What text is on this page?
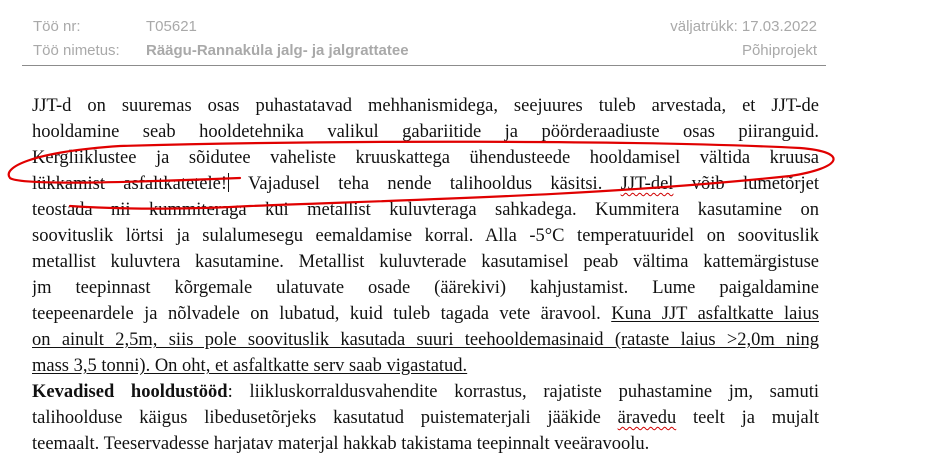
Töö nr:	T05621	väljatrükk: 17.03.2022
Töö nimetus: Räägu-Rannaküla jalg- ja jalgrattatee	Põhiprojekt
JJT-d on suuremas osas puhastatavad mehhanismidega, seejuures tuleb arvestada, et JJT-de
hooldamine seab hooldetehnika valikul gabariitide ja pöörderaadiuste osas piiranguid.
Kergliiklustee ja sõidutee vaheliste kruuskattega ühendusteede hooldamisel vältida kruusa
lükkamist asfaltkatetele! Vajadusel teha nende talihooldus käsitsi. JJT-del võib lumetõrjet
teostada nii kummiteraga kui metallist kuluvteraga sahkadega. Kummitera kasutamine on
soovituslik lörtsi ja sulalumesegu eemaldamise korral. Alla -5°C temperatuuridel on soovituslik
metallist kuluvtera kasutamine. Metallist kuluvterade kasutamisel peab vältima kattemärgistuse
jm teepinnast kõrgemale ulatuvate osade (äärekivi) kahjustamist. Lume paigaldamine
teepeenardele ja nõlvadele on lubatud, kuid tuleb tagada vete äravool. Kuna JJT asfaltkatte laius
on ainult 2,5m, siis pole soovituslik kasutada suuri teehooldemasinaid (rataste laius >2,0m ning
mass 3,5 tonni). On oht, et asfaltkatte serv saab vigastatud.
Kevadised hooldustööd: liikluskorraldusvahendite korrastus, rajatiste puhastamine jm, samuti
talihoolduse käigus libedusetõrjeks kasutatud puistematerjali jääkide äravedu teelt ja mujalt
teemaalt. Teeservadesse harjatav materjal hakkab takistama teepinnalt veeäravoolu.
